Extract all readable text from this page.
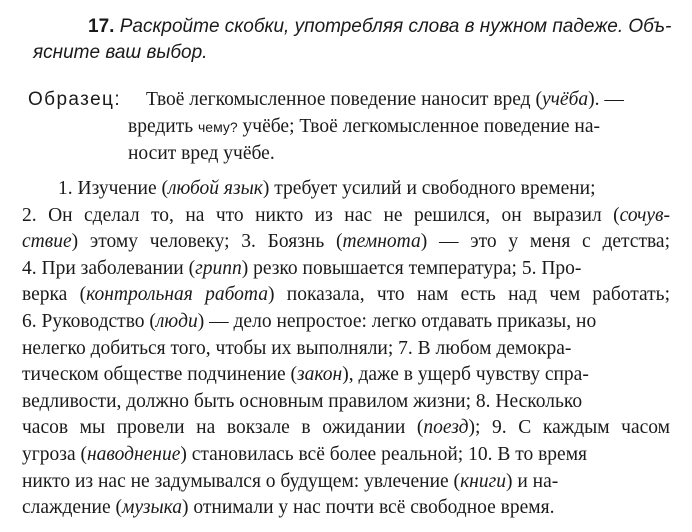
17. Раскройте скобки, употребляя слова в нужном падеже. Объ-
ясните ваш выбор.
Образец: Твоё легкомысленное поведение наносит вред (учёба). —
вредить чему? учёбе; Твоё легкомысленное поведение на-
носит вред учёбе.
1. Изучение (любой язык) требует усилий и свободного времени;
2. Он сделал то, на что никто из нас не решился, он выразил (сочув-
ствие) этому человеку; 3. Боязнь (темнота) — это у меня с детства;
4. При заболевании (грипп) резко повышается температура; 5. Про-
верка (контрольная работа) показала, что нам есть над чем работать;
6. Руководство (люди) — дело непростое: легко отдавать приказы, но
нелегко добиться того, чтобы их выполняли; 7. В любом демокра-
тическом обществе подчинение (закон), даже в ущерб чувству спра-
ведливости, должно быть основным правилом жизни; 8. Несколько
часов мы провели на вокзале в ожидании (поезд); 9. С каждым часом
угроза (наводнение) становилась всё более реальной; 10. В то время
никто из нас не задумывался о будущем: увлечение (книги) и на-
слаждение (музыка) отнимали у нас почти всё свободное время.
